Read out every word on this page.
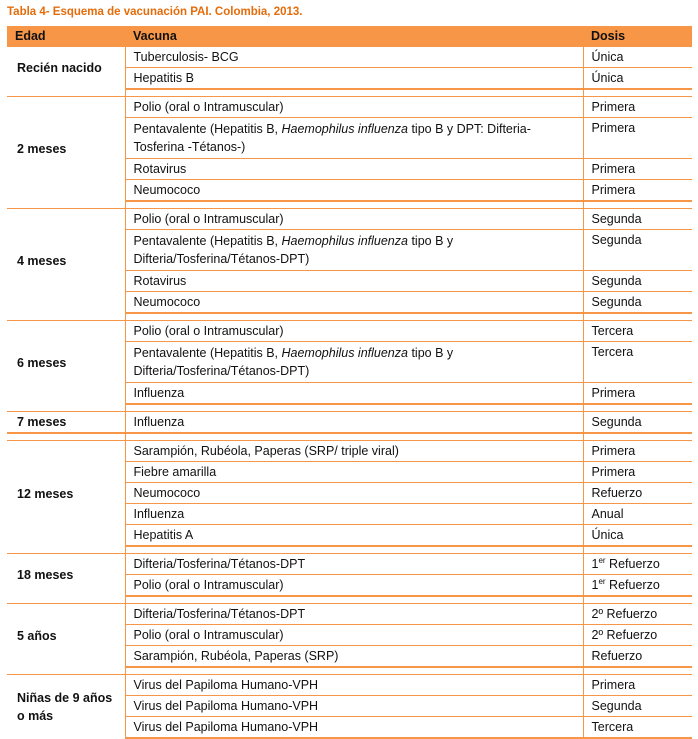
Tabla 4- Esquema de vacunación PAI. Colombia, 2013.
Edad	Vacuna	Dosis
Recién nacido	Tuberculosis- BCG	Única
	Hepatitis B	Única

2 meses	Polio (oral o Intramuscular)	Primera
	Pentavalente (Hepatitis B, Haemophilus influenza tipo B y DPT: Difteria-Tosferina -Tétanos-)	Primera
	Rotavirus	Primera
	Neumococo	Primera

4 meses	Polio (oral o Intramuscular)	Segunda
	Pentavalente (Hepatitis B, Haemophilus influenza tipo B y Difteria/Tosferina/Tétanos-DPT)	Segunda
	Rotavirus	Segunda
	Neumococo	Segunda

6 meses	Polio (oral o Intramuscular)	Tercera
	Pentavalente (Hepatitis B, Haemophilus influenza tipo B y Difteria/Tosferina/Tétanos-DPT)	Tercera
	Influenza	Primera

7 meses	Influenza	Segunda

12 meses	Sarampión, Rubéola, Paperas (SRP/ triple viral)	Primera
	Fiebre amarilla	Primera
	Neumococo	Refuerzo
	Influenza	Anual
	Hepatitis A	Única

18 meses	Difteria/Tosferina/Tétanos-DPT	1er Refuerzo
	Polio (oral o Intramuscular)	1er Refuerzo

5 años	Difteria/Tosferina/Tétanos-DPT	2º Refuerzo
	Polio (oral o Intramuscular)	2º Refuerzo
	Sarampión, Rubéola, Paperas (SRP)	Refuerzo

Niñas de 9 años o más	Virus del Papiloma Humano-VPH	Primera
	Virus del Papiloma Humano-VPH	Segunda
	Virus del Papiloma Humano-VPH	Tercera
